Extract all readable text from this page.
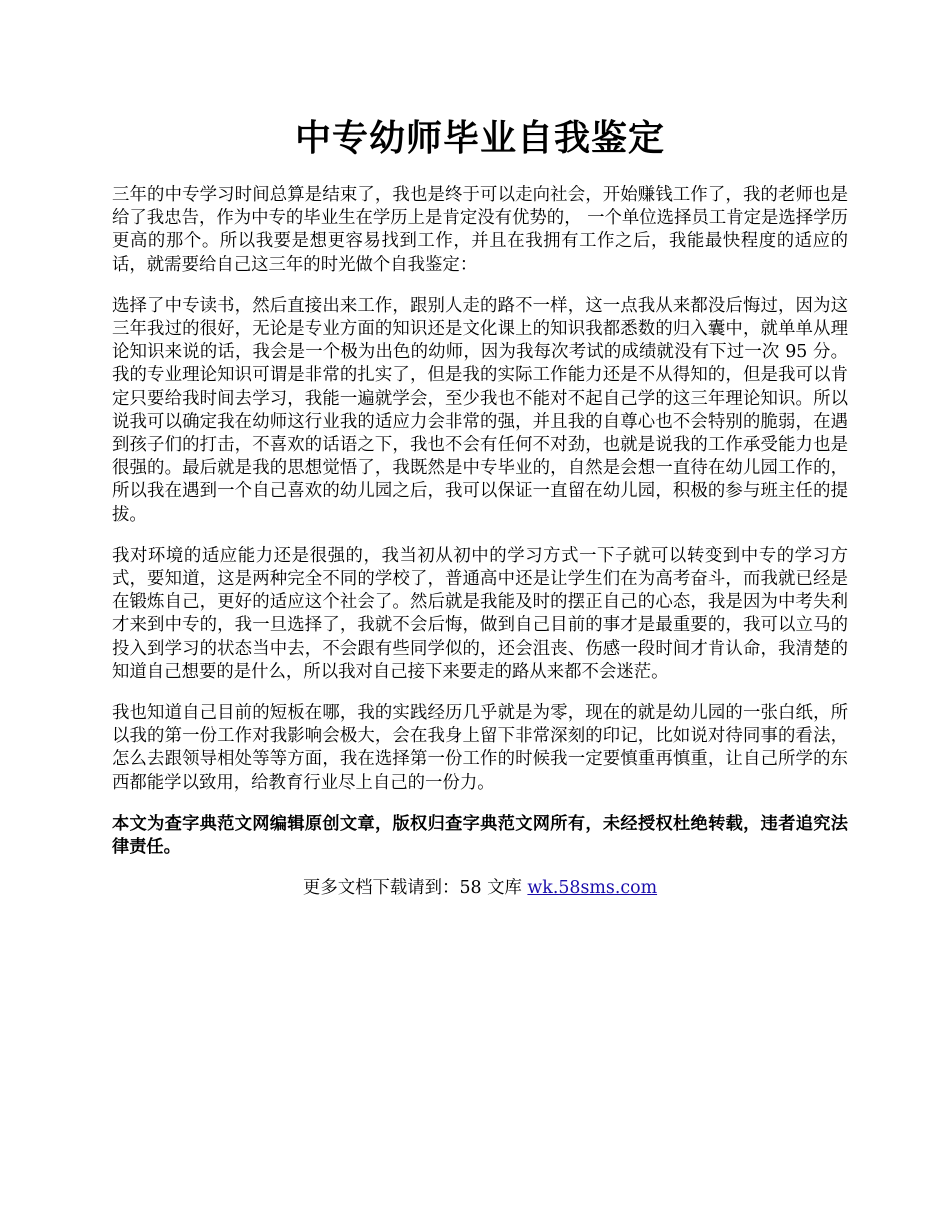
中专幼师毕业自我鉴定

三年的中专学习时间总算是结束了，我也是终于可以走向社会，开始赚钱工作了，我的老师也是给了我忠告，作为中专的毕业生在学历上是肯定没有优势的， 一个单位选择员工肯定是选择学历更高的那个。所以我要是想更容易找到工作，并且在我拥有工作之后，我能最快程度的适应的话，就需要给自己这三年的时光做个自我鉴定：

选择了中专读书，然后直接出来工作，跟别人走的路不一样，这一点我从来都没后悔过，因为这三年我过的很好，无论是专业方面的知识还是文化课上的知识我都悉数的归入囊中，就单单从理论知识来说的话，我会是一个极为出色的幼师，因为我每次考试的成绩就没有下过一次 95 分。我的专业理论知识可谓是非常的扎实了，但是我的实际工作能力还是不从得知的，但是我可以肯定只要给我时间去学习，我能一遍就学会，至少我也不能对不起自己学的这三年理论知识。所以说我可以确定我在幼师这行业我的适应力会非常的强，并且我的自尊心也不会特别的脆弱，在遇到孩子们的打击，不喜欢的话语之下，我也不会有任何不对劲，也就是说我的工作承受能力也是很强的。最后就是我的思想觉悟了，我既然是中专毕业的，自然是会想一直待在幼儿园工作的，所以我在遇到一个自己喜欢的幼儿园之后，我可以保证一直留在幼儿园，积极的参与班主任的提拔。

我对环境的适应能力还是很强的，我当初从初中的学习方式一下子就可以转变到中专的学习方式，要知道，这是两种完全不同的学校了，普通高中还是让学生们在为高考奋斗，而我就已经是在锻炼自己，更好的适应这个社会了。然后就是我能及时的摆正自己的心态，我是因为中考失利才来到中专的，我一旦选择了，我就不会后悔，做到自己目前的事才是最重要的，我可以立马的投入到学习的状态当中去，不会跟有些同学似的，还会沮丧、伤感一段时间才肯认命，我清楚的知道自己想要的是什么，所以我对自己接下来要走的路从来都不会迷茫。

我也知道自己目前的短板在哪，我的实践经历几乎就是为零，现在的就是幼儿园的一张白纸，所以我的第一份工作对我影响会极大，会在我身上留下非常深刻的印记，比如说对待同事的看法，怎么去跟领导相处等等方面，我在选择第一份工作的时候我一定要慎重再慎重，让自己所学的东西都能学以致用，给教育行业尽上自己的一份力。

本文为查字典范文网编辑原创文章，版权归查字典范文网所有，未经授权杜绝转载，违者追究法律责任。

更多文档下载请到：58 文库 wk.58sms.com
